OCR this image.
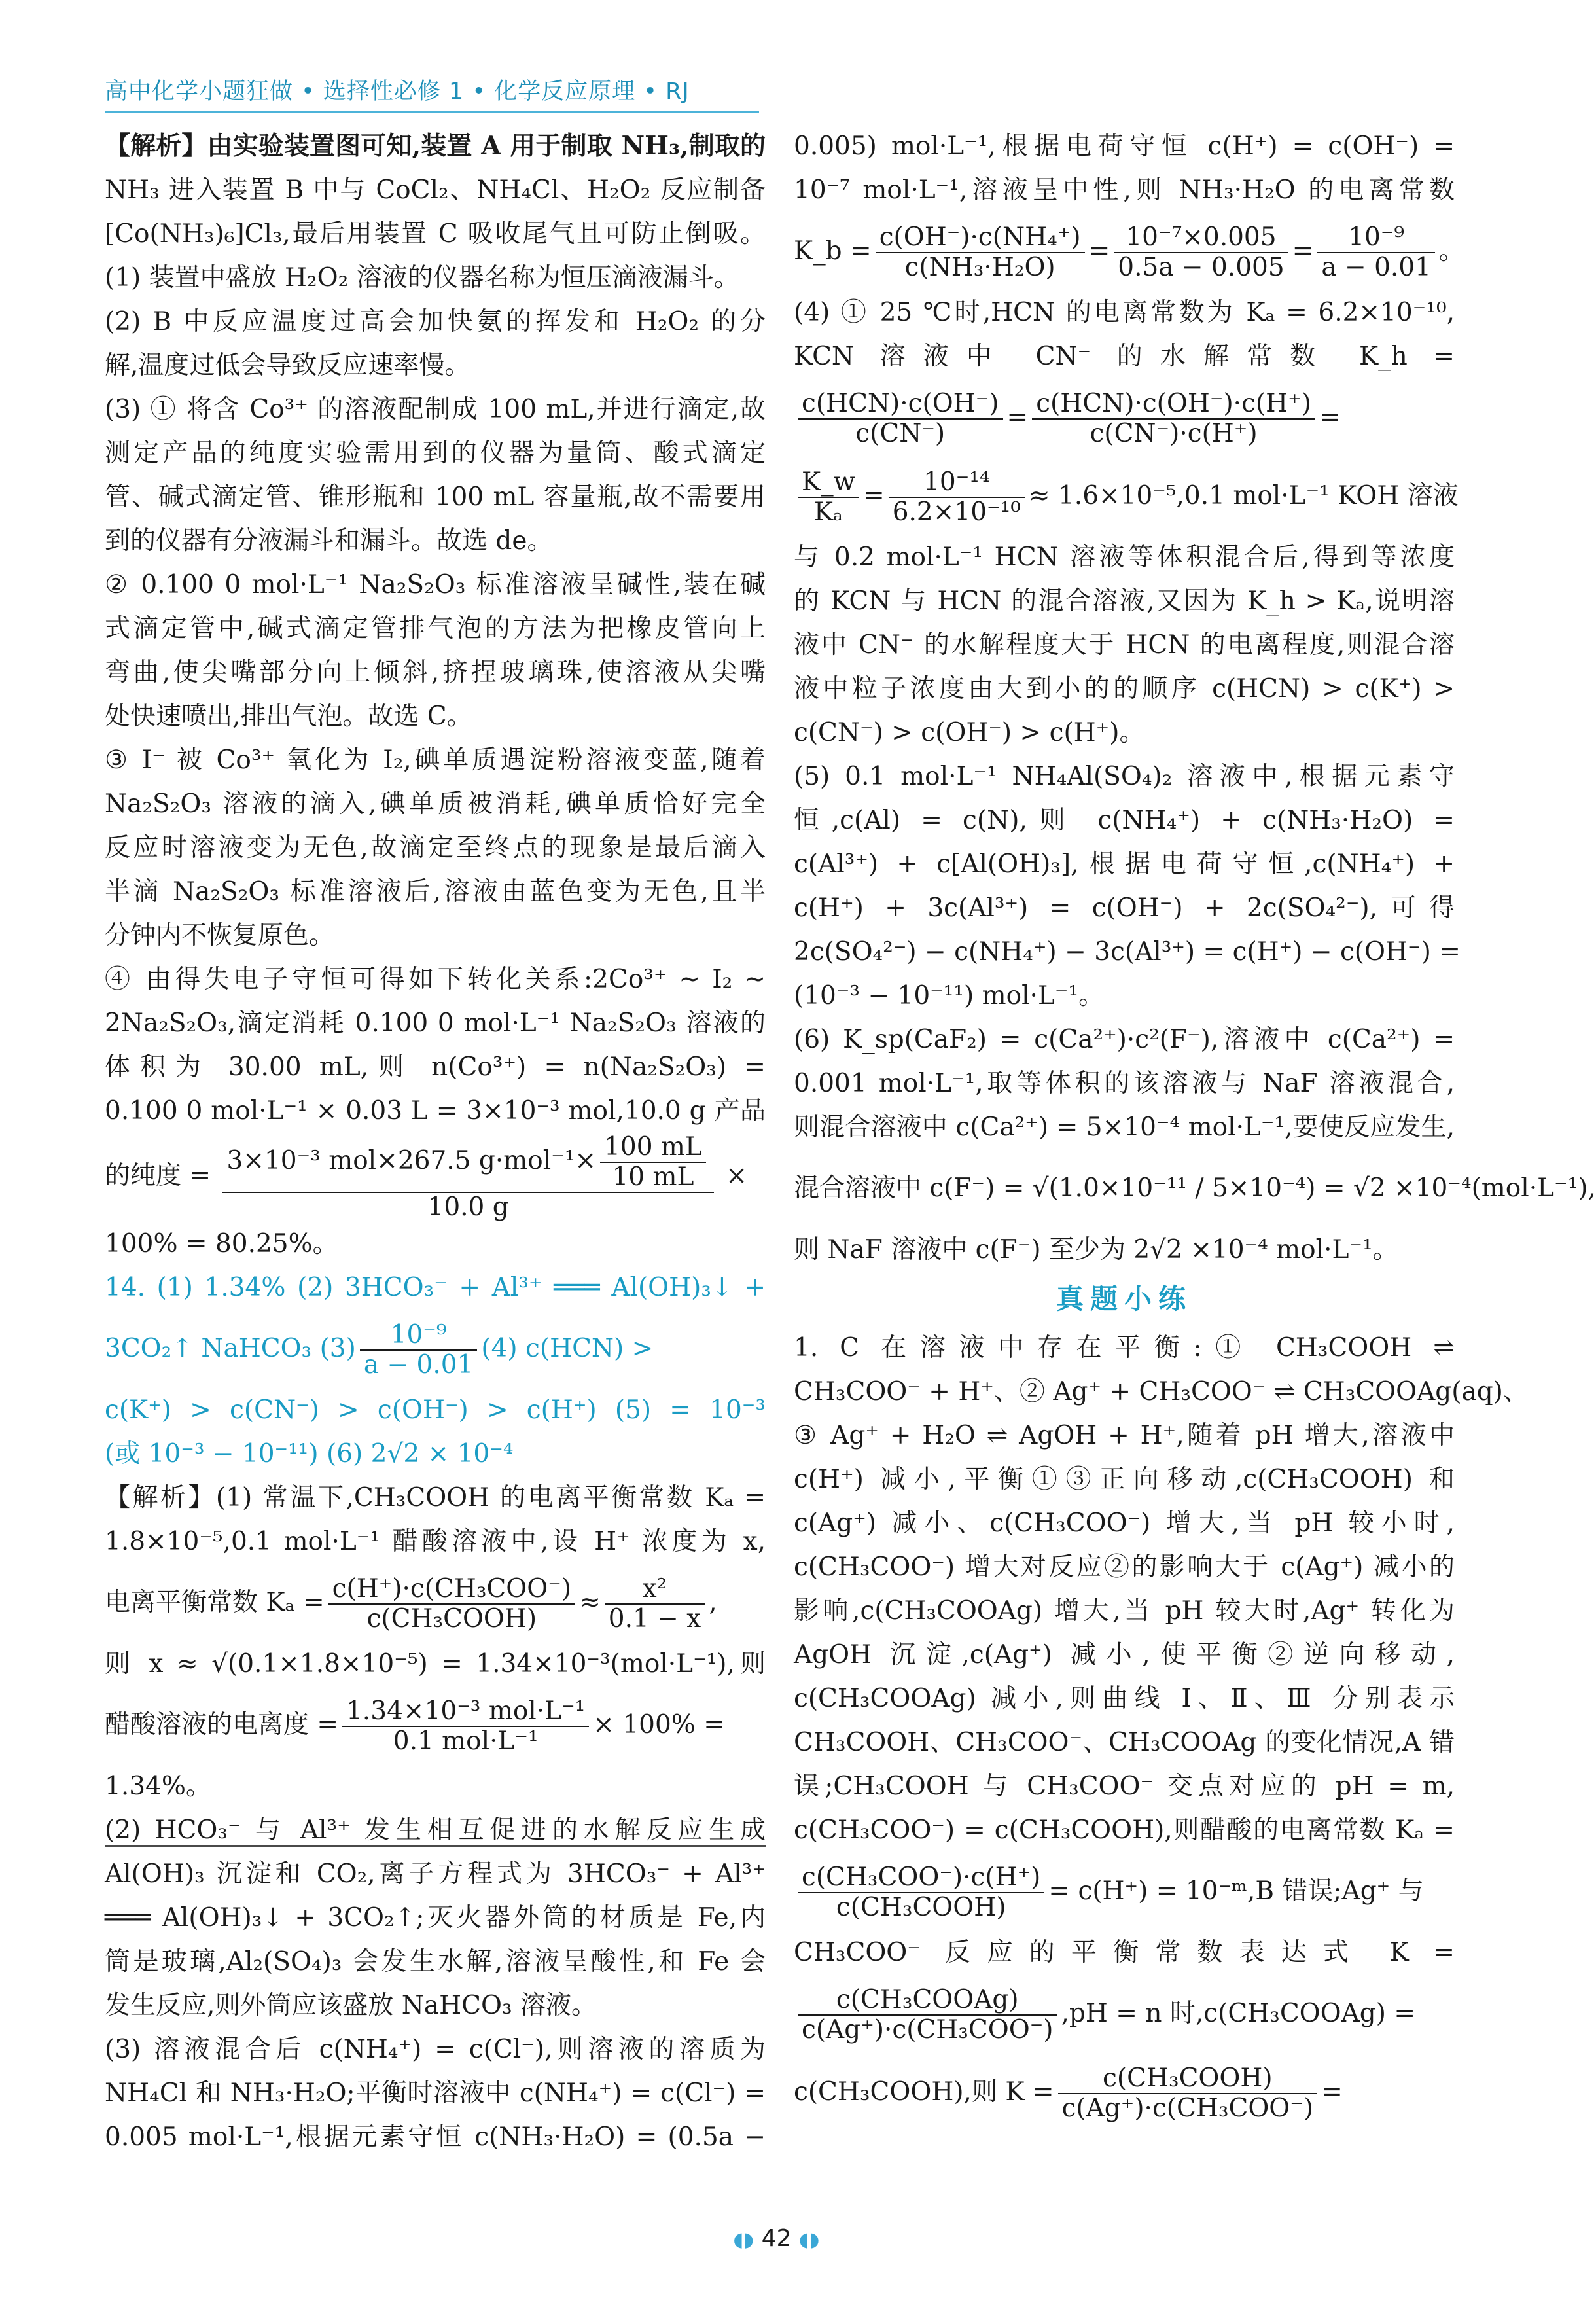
高中化学小题狂做 • 选择性必修 1 • 化学反应原理 • RJ

【解析】由实验装置图可知,装置 A 用于制取 NH₃,制取的

NH₃ 进入装置 B 中与 CoCl₂、NH₄Cl、H₂O₂ 反应制备

[Co(NH₃)₆]Cl₃,最后用装置 C 吸收尾气且可防止倒吸。

(1) 装置中盛放 H₂O₂ 溶液的仪器名称为恒压滴液漏斗。

(2) B 中反应温度过高会加快氨的挥发和 H₂O₂ 的分

解,温度过低会导致反应速率慢。

(3) ① 将含 Co³⁺ 的溶液配制成 100 mL,并进行滴定,故

测定产品的纯度实验需用到的仪器为量筒、酸式滴定

管、碱式滴定管、锥形瓶和 100 mL 容量瓶,故不需要用

到的仪器有分液漏斗和漏斗。故选 de。

② 0.100 0 mol·L⁻¹ Na₂S₂O₃ 标准溶液呈碱性,装在碱

式滴定管中,碱式滴定管排气泡的方法为把橡皮管向上

弯曲,使尖嘴部分向上倾斜,挤捏玻璃珠,使溶液从尖嘴

处快速喷出,排出气泡。故选 C。

③ I⁻ 被 Co³⁺ 氧化为 I₂,碘单质遇淀粉溶液变蓝,随着

Na₂S₂O₃ 溶液的滴入,碘单质被消耗,碘单质恰好完全

反应时溶液变为无色,故滴定至终点的现象是最后滴入

半滴 Na₂S₂O₃ 标准溶液后,溶液由蓝色变为无色,且半

分钟内不恢复原色。

④ 由得失电子守恒可得如下转化关系:2Co³⁺ ~ I₂ ~

2Na₂S₂O₃,滴定消耗 0.100 0 mol·L⁻¹ Na₂S₂O₃ 溶液的

体积为 30.00 mL,则 n(Co³⁺) = n(Na₂S₂O₃) =

0.100 0 mol·L⁻¹ × 0.03 L = 3×10⁻³ mol,10.0 g 产品

的纯度 = $\frac{3\times 10^{-3} mol\times 267.5 g\cdot mol^{-1}\times \frac{100 mL}{10 mL}}{10.0 g}$ ×

100% = 80.25%。

14. (1) 1.34% (2) 3HCO₃⁻ + Al³⁺ ═══ Al(OH)₃↓ +

3CO₂↑ NaHCO₃ $(3) \frac{\text{10⁻⁹}}{a - 0.01} (4) c(HCN)$ >

c(K⁺) > c(CN⁻) > c(OH⁻) > c(H⁺) (5) = 10⁻³

(或 10⁻³ − 10⁻¹¹) (6) 2√2 × 10⁻⁴

【解析】(1) 常温下,CH₃COOH 的电离平衡常数 Kₐ =

1.8×10⁻⁵,0.1 mol·L⁻¹ 醋酸溶液中,设 H⁺ 浓度为 x,

电离平衡常数 $K_a = \frac{\text{c(H⁺)·c(CH₃COO⁻)}}{\text{c(CH₃COOH)}} \approx \frac{\text{x²}}{0.1 - x}$ ,

则 x ≈ √(0.1×1.8×10⁻⁵) = 1.34×10⁻³(mol·L⁻¹),则

醋酸溶液的电离度 = $\frac{\text{1.34×10⁻³ mol·L⁻¹}}{\text{0.1 mol·L⁻¹}} \times 100\%$ =

1.34%。

(2) HCO₃⁻ 与 Al³⁺ 发生相互促进的水解反应生成

Al(OH)₃ 沉淀和 CO₂,离子方程式为 3HCO₃⁻ + Al³⁺

═══ Al(OH)₃↓ + 3CO₂↑;灭火器外筒的材质是 Fe,内

筒是玻璃,Al₂(SO₄)₃ 会发生水解,溶液呈酸性,和 Fe 会

发生反应,则外筒应该盛放 NaHCO₃ 溶液。

(3) 溶液混合后 c(NH₄⁺) = c(Cl⁻),则溶液的溶质为

NH₄Cl 和 NH₃·H₂O;平衡时溶液中 c(NH₄⁺) = c(Cl⁻) =

0.005 mol·L⁻¹,根据元素守恒 c(NH₃·H₂O) = (0.5a −

0.005) mol·L⁻¹,根据电荷守恒 c(H⁺) = c(OH⁻) =

10⁻⁷ mol·L⁻¹,溶液呈中性,则 NH₃·H₂O 的电离常数

K_b = $\frac{\text{c(OH⁻)·c(NH₄⁺)}}{\text{c(NH₃·H₂O)}} = \frac{\text{10⁻⁷×0.005}}{0.5a - 0.005} = \frac{\text{10⁻⁹}}{a - 0.01}$ 。

(4) ① 25 ℃时,HCN 的电离常数为 Kₐ = 6.2×10⁻¹⁰,

KCN 溶液中 CN⁻ 的水解常数 K_h =

$\frac{\text{c(HCN)·c(OH⁻)}}{c(CN^-)} = \frac{\text{c(HCN)·c(OH⁻)·c(H⁺)}}{c(CN^-)\cdot c(H^+)}$ =

$\frac{K\_w}{\text{Kₐ}} = \frac{\text{10⁻¹⁴}}{\text{6.2×10⁻¹⁰}} \approx 1.6\times 10^{-5},0.1$ mol·L⁻¹ KOH 溶液

与 0.2 mol·L⁻¹ HCN 溶液等体积混合后,得到等浓度

的 KCN 与 HCN 的混合溶液,又因为 K_h > Kₐ,说明溶

液中 CN⁻ 的水解程度大于 HCN 的电离程度,则混合溶

液中粒子浓度由大到小的的顺序 c(HCN) > c(K⁺) >

c(CN⁻) > c(OH⁻) > c(H⁺)。

(5) 0.1 mol·L⁻¹ NH₄Al(SO₄)₂ 溶液中,根据元素守

恒,c(Al) = c(N),则 c(NH₄⁺) + c(NH₃·H₂O) =

c(Al³⁺) + c[Al(OH)₃],根据电荷守恒,c(NH₄⁺) +

c(H⁺) + 3c(Al³⁺) = c(OH⁻) + 2c(SO₄²⁻),可得

2c(SO₄²⁻) − c(NH₄⁺) − 3c(Al³⁺) = c(H⁺) − c(OH⁻) =

(10⁻³ − 10⁻¹¹) mol·L⁻¹。

(6) K_sp(CaF₂) = c(Ca²⁺)·c²(F⁻),溶液中 c(Ca²⁺) =

0.001 mol·L⁻¹,取等体积的该溶液与 NaF 溶液混合,

则混合溶液中 c(Ca²⁺) = 5×10⁻⁴ mol·L⁻¹,要使反应发生,

混合溶液中 c(F⁻) = √(1.0×10⁻¹¹ / 5×10⁻⁴) = √2 ×10⁻⁴(mol·L⁻¹),

则 NaF 溶液中 c(F⁻) 至少为 2√2 ×10⁻⁴ mol·L⁻¹。

真题小练

1. C 在溶液中存在平衡:① CH₃COOH ⇌

CH₃COO⁻ + H⁺、② Ag⁺ + CH₃COO⁻ ⇌ CH₃COOAg(aq)、

③ Ag⁺ + H₂O ⇌ AgOH + H⁺,随着 pH 增大,溶液中

c(H⁺) 减小,平衡①③正向移动,c(CH₃COOH) 和

c(Ag⁺) 减小、c(CH₃COO⁻) 增大,当 pH 较小时,

c(CH₃COO⁻) 增大对反应②的影响大于 c(Ag⁺) 减小的

影响,c(CH₃COOAg) 增大,当 pH 较大时,Ag⁺ 转化为

AgOH 沉淀,c(Ag⁺) 减小,使平衡②逆向移动,

c(CH₃COOAg) 减小,则曲线 Ⅰ、Ⅱ、Ⅲ 分别表示

CH₃COOH、CH₃COO⁻、CH₃COOAg 的变化情况,A 错

误;CH₃COOH 与 CH₃COO⁻ 交点对应的 pH = m,

c(CH₃COO⁻) = c(CH₃COOH),则醋酸的电离常数 Kₐ =

$\frac{\text{c(CH₃COO⁻)·c(H⁺)}}{\text{c(CH₃COOH)}} = c(H^+)$ = 10⁻ᵐ,B 错误;Ag⁺ 与

CH₃COO⁻ 反应的平衡常数表达式 K =

$\frac{\text{c(CH₃COOAg)}}{\text{c(Ag⁺)·c(CH₃COO⁻)}} ,pH = n$ 时,c(CH₃COOAg) =

c(CH₃COOH),则 $K = \frac{\text{c(CH₃COOH)}}{\text{c(Ag⁺)·c(CH₃COO⁻)}}$ =

◖◗ 42 ◖◗
